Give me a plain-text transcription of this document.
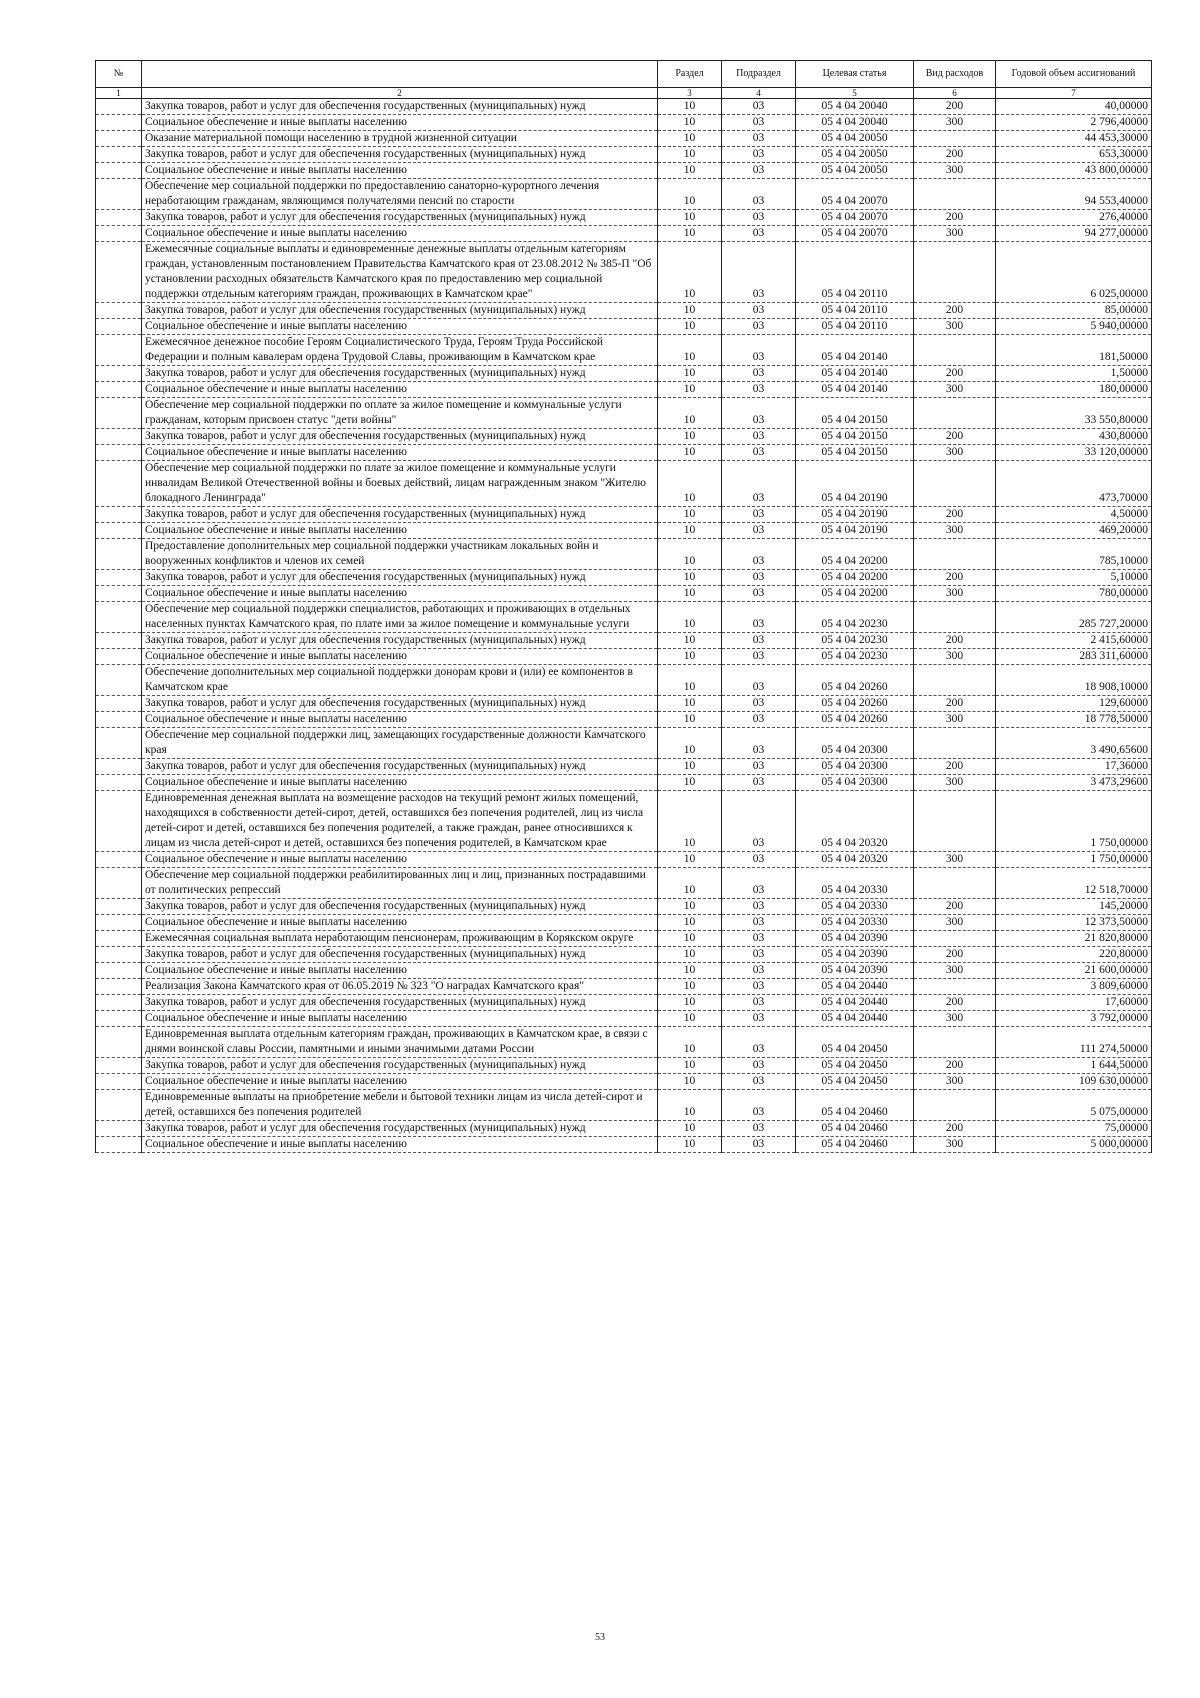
№		Раздел	Подраздел	Целевая статья	Вид расходов	Годовой объем ассигнований
1	2	3	4	5	6	7
	Закупка товаров, работ и услуг для обеспечения государственных (муниципальных) нужд	10	03	05 4 04 20040	200	40,00000
	Социальное обеспечение и иные выплаты населению	10	03	05 4 04 20040	300	2 796,40000
	Оказание материальной помощи населению в трудной жизненной ситуации	10	03	05 4 04 20050		44 453,30000
	Закупка товаров, работ и услуг для обеспечения государственных (муниципальных) нужд	10	03	05 4 04 20050	200	653,30000
	Социальное обеспечение и иные выплаты населению	10	03	05 4 04 20050	300	43 800,00000
	Обеспечение мер социальной поддержки по предоставлению санаторно-курортного лечения неработающим гражданам, являющимся получателями пенсий по старости	10	03	05 4 04 20070		94 553,40000
	Закупка товаров, работ и услуг для обеспечения государственных (муниципальных) нужд	10	03	05 4 04 20070	200	276,40000
	Социальное обеспечение и иные выплаты населению	10	03	05 4 04 20070	300	94 277,00000
	Ежемесячные социальные выплаты и единовременные денежные выплаты отдельным категориям граждан, установленным постановлением Правительства Камчатского края от 23.08.2012 № 385-П "Об установлении расходных обязательств Камчатского края по предоставлению мер социальной поддержки отдельным категориям граждан, проживающих в Камчатском крае"	10	03	05 4 04 20110		6 025,00000
	Закупка товаров, работ и услуг для обеспечения государственных (муниципальных) нужд	10	03	05 4 04 20110	200	85,00000
	Социальное обеспечение и иные выплаты населению	10	03	05 4 04 20110	300	5 940,00000
	Ежемесячное денежное пособие Героям Социалистического Труда, Героям Труда Российской Федерации и полным кавалерам ордена Трудовой Славы, проживающим в Камчатском крае	10	03	05 4 04 20140		181,50000
	Закупка товаров, работ и услуг для обеспечения государственных (муниципальных) нужд	10	03	05 4 04 20140	200	1,50000
	Социальное обеспечение и иные выплаты населению	10	03	05 4 04 20140	300	180,00000
	Обеспечение мер социальной поддержки по оплате за жилое помещение и коммунальные услуги гражданам, которым присвоен статус "дети войны"	10	03	05 4 04 20150		33 550,80000
	Закупка товаров, работ и услуг для обеспечения государственных (муниципальных) нужд	10	03	05 4 04 20150	200	430,80000
	Социальное обеспечение и иные выплаты населению	10	03	05 4 04 20150	300	33 120,00000
	Обеспечение мер социальной поддержки по плате за жилое помещение и коммунальные услуги инвалидам Великой Отечественной войны и боевых действий, лицам награжденным знаком "Жителю блокадного Ленинграда"	10	03	05 4 04 20190		473,70000
	Закупка товаров, работ и услуг для обеспечения государственных (муниципальных) нужд	10	03	05 4 04 20190	200	4,50000
	Социальное обеспечение и иные выплаты населению	10	03	05 4 04 20190	300	469,20000
	Предоставление дополнительных мер социальной поддержки участникам локальных войн и вооруженных конфликтов и членов их семей	10	03	05 4 04 20200		785,10000
	Закупка товаров, работ и услуг для обеспечения государственных (муниципальных) нужд	10	03	05 4 04 20200	200	5,10000
	Социальное обеспечение и иные выплаты населению	10	03	05 4 04 20200	300	780,00000
	Обеспечение мер социальной поддержки специалистов, работающих и проживающих в отдельных населенных пунктах Камчатского края, по плате ими за жилое помещение и коммунальные услуги	10	03	05 4 04 20230		285 727,20000
	Закупка товаров, работ и услуг для обеспечения государственных (муниципальных) нужд	10	03	05 4 04 20230	200	2 415,60000
	Социальное обеспечение и иные выплаты населению	10	03	05 4 04 20230	300	283 311,60000
	Обеспечение дополнительных мер социальной поддержки донорам крови и (или) ее компонентов в Камчатском крае	10	03	05 4 04 20260		18 908,10000
	Закупка товаров, работ и услуг для обеспечения государственных (муниципальных) нужд	10	03	05 4 04 20260	200	129,60000
	Социальное обеспечение и иные выплаты населению	10	03	05 4 04 20260	300	18 778,50000
	Обеспечение мер социальной поддержки лиц, замещающих государственные должности Камчатского края	10	03	05 4 04 20300		3 490,65600
	Закупка товаров, работ и услуг для обеспечения государственных (муниципальных) нужд	10	03	05 4 04 20300	200	17,36000
	Социальное обеспечение и иные выплаты населению	10	03	05 4 04 20300	300	3 473,29600
	Единовременная денежная выплата на возмещение расходов на текущий ремонт жилых помещений, находящихся в собственности детей-сирот, детей, оставшихся без попечения родителей, лиц из числа детей-сирот и детей, оставшихся без попечения родителей, а также граждан, ранее относившихся к лицам из числа детей-сирот и детей, оставшихся без попечения родителей, в Камчатском крае	10	03	05 4 04 20320		1 750,00000
	Социальное обеспечение и иные выплаты населению	10	03	05 4 04 20320	300	1 750,00000
	Обеспечение мер социальной поддержки реабилитированных лиц и лиц, признанных пострадавшими от политических репрессий	10	03	05 4 04 20330		12 518,70000
	Закупка товаров, работ и услуг для обеспечения государственных (муниципальных) нужд	10	03	05 4 04 20330	200	145,20000
	Социальное обеспечение и иные выплаты населению	10	03	05 4 04 20330	300	12 373,50000
	Ежемесячная социальная выплата неработающим пенсионерам, проживающим в Корякском округе	10	03	05 4 04 20390		21 820,80000
	Закупка товаров, работ и услуг для обеспечения государственных (муниципальных) нужд	10	03	05 4 04 20390	200	220,80000
	Социальное обеспечение и иные выплаты населению	10	03	05 4 04 20390	300	21 600,00000
	Реализация Закона Камчатского края от 06.05.2019 № 323 "О наградах Камчатского края"	10	03	05 4 04 20440		3 809,60000
	Закупка товаров, работ и услуг для обеспечения государственных (муниципальных) нужд	10	03	05 4 04 20440	200	17,60000
	Социальное обеспечение и иные выплаты населению	10	03	05 4 04 20440	300	3 792,00000
	Единовременная выплата отдельным категориям граждан, проживающих в Камчатском крае, в связи с днями воинской славы России, памятными и иными значимыми датами России	10	03	05 4 04 20450		111 274,50000
	Закупка товаров, работ и услуг для обеспечения государственных (муниципальных) нужд	10	03	05 4 04 20450	200	1 644,50000
	Социальное обеспечение и иные выплаты населению	10	03	05 4 04 20450	300	109 630,00000
	Единовременные выплаты на приобретение мебели и бытовой техники лицам из числа детей-сирот и детей, оставшихся без попечения родителей	10	03	05 4 04 20460		5 075,00000
	Закупка товаров, работ и услуг для обеспечения государственных (муниципальных) нужд	10	03	05 4 04 20460	200	75,00000
	Социальное обеспечение и иные выплаты населению	10	03	05 4 04 20460	300	5 000,00000
53
